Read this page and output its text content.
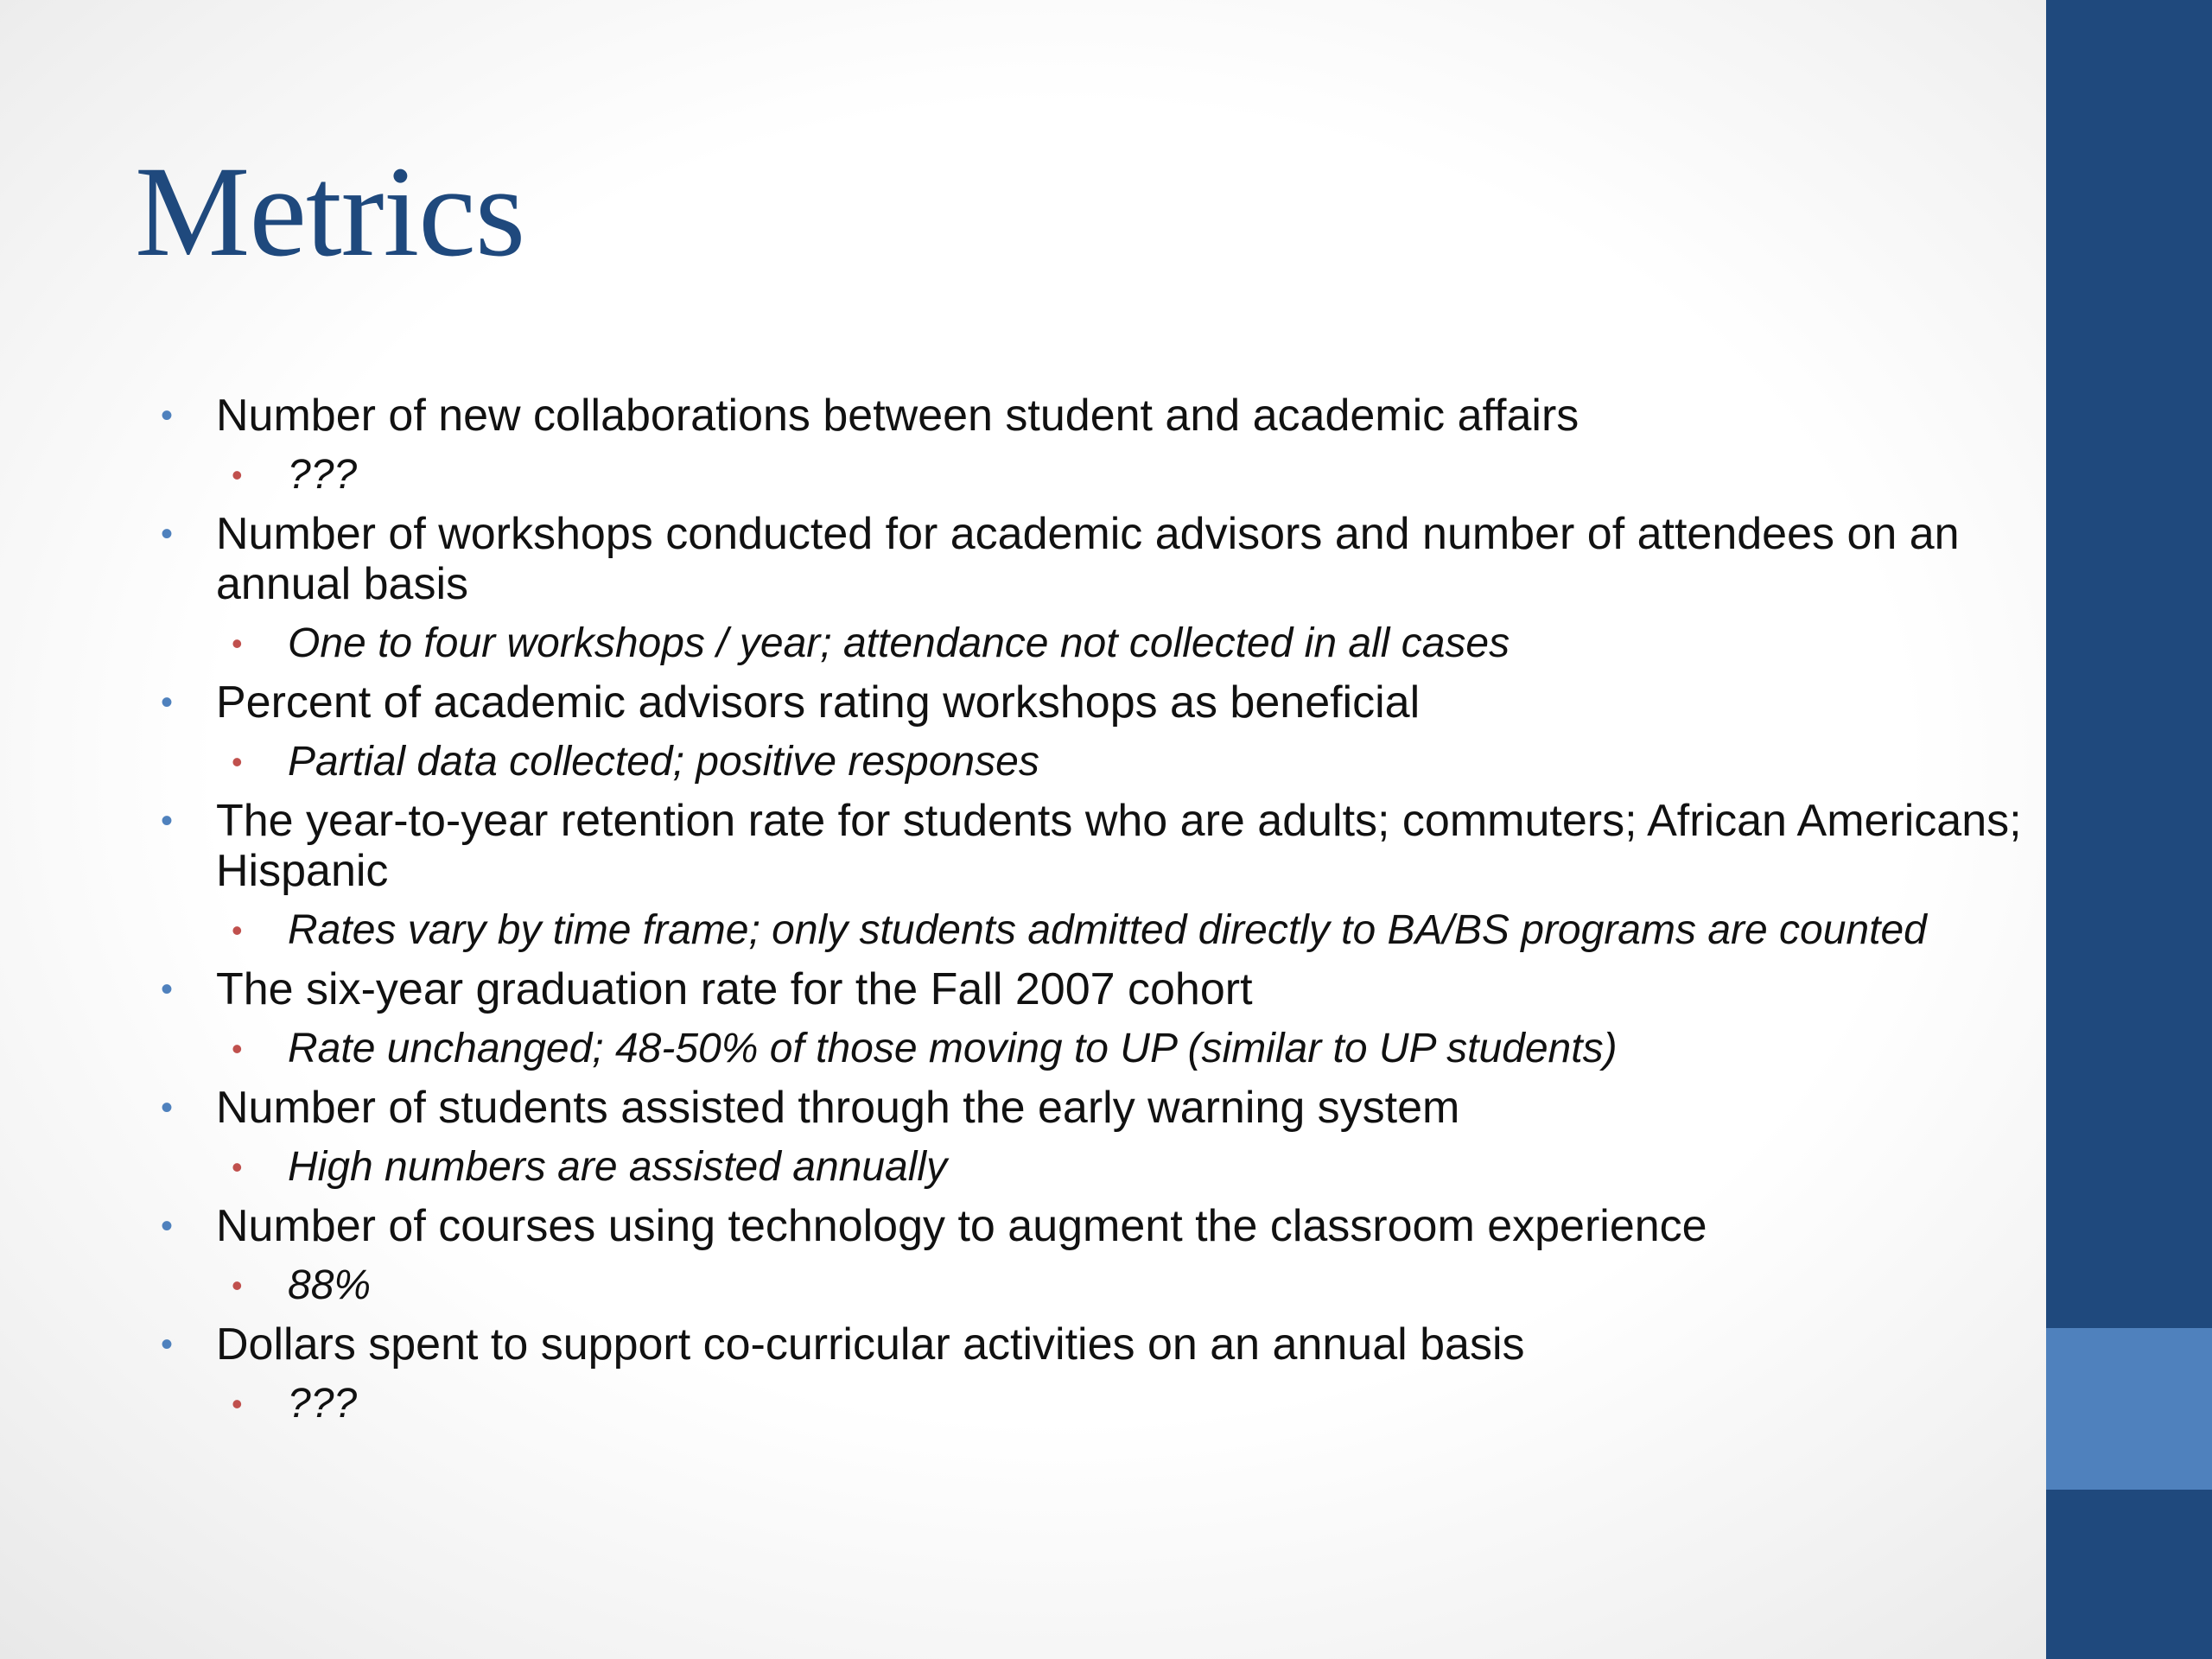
Metrics

• Number of new collaborations between student and academic affairs

• ???

• Number of workshops conducted for academic advisors and number of attendees on an annual basis

• One to four workshops / year; attendance not collected in all cases

• Percent of academic advisors rating workshops as beneficial

• Partial data collected; positive responses

• The year-to-year retention rate for students who are adults; commuters; African Americans; Hispanic

• Rates vary by time frame; only students admitted directly to BA/BS programs are counted

• The six-year graduation rate for the Fall 2007 cohort

• Rate unchanged; 48-50% of those moving to UP (similar to UP students)

• Number of students assisted through the early warning system

• High numbers are assisted annually

• Number of courses using technology to augment the classroom experience

• 88%

• Dollars spent to support co-curricular activities on an annual basis

• ???
